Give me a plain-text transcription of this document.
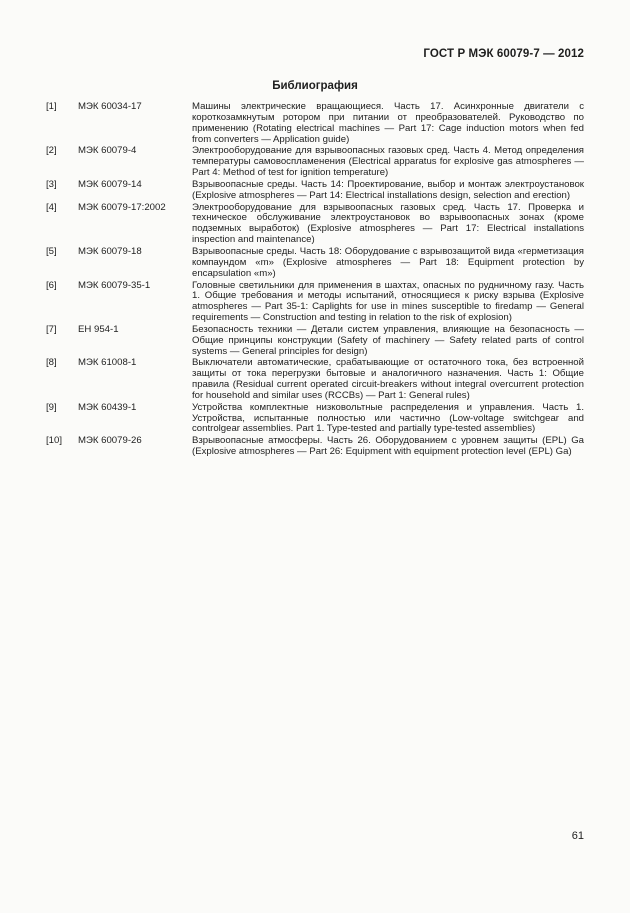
ГОСТ Р МЭК 60079-7 — 2012
Библиография
[1]	МЭК 60034-17	Машины электрические вращающиеся. Часть 17. Асинхронные двигатели с короткозамкнутым ротором при питании от преобразователей. Руководство по применению (Rotating electrical machines — Part 17: Cage induction motors when fed from converters — Application guide)
[2]	МЭК 60079-4	Электрооборудование для взрывоопасных газовых сред. Часть 4. Метод определения температуры самовоспламенения (Electrical apparatus for explosive gas atmospheres — Part 4: Method of test for ignition temperature)
[3]	МЭК 60079-14	Взрывоопасные среды. Часть 14: Проектирование, выбор и монтаж электроустановок (Explosive atmospheres — Part 14: Electrical installations design, selection and erection)
[4]	МЭК 60079-17:2002	Электрооборудование для взрывоопасных газовых сред. Часть 17. Проверка и техническое обслуживание электроустановок во взрывоопасных зонах (кроме подземных выработок) (Explosive atmospheres — Part 17: Electrical installations inspection and maintenance)
[5]	МЭК 60079-18	Взрывоопасные среды. Часть 18: Оборудование с взрывозащитой вида «герметизация компаундом «m» (Explosive atmospheres — Part 18: Equipment protection by encapsulation «m»)
[6]	МЭК 60079-35-1	Головные светильники для применения в шахтах, опасных по рудничному газу. Часть 1. Общие требования и методы испытаний, относящиеся к риску взрыва (Explosive atmospheres — Part 35-1: Caplights for use in mines susceptible to firedamp — General requirements — Construction and testing in relation to the risk of explosion)
[7]	ЕН 954-1	Безопасность техники — Детали систем управления, влияющие на безопасность — Общие принципы конструкции (Safety of machinery — Safety related parts of control systems — General principles for design)
[8]	МЭК 61008-1	Выключатели автоматические, срабатывающие от остаточного тока, без встроенной защиты от тока перегрузки бытовые и аналогичного назначения. Часть 1: Общие правила (Residual current operated circuit-breakers without integral overcurrent protection for household and similar uses (RCCBs) — Part 1: General rules)
[9]	МЭК 60439-1	Устройства комплектные низковольтные распределения и управления. Часть 1. Устройства, испытанные полностью или частично (Low-voltage switchgear and controlgear assemblies. Part 1. Type-tested and partially type-tested assemblies)
[10]	МЭК 60079-26	Взрывоопасные атмосферы. Часть 26. Оборудованием с уровнем защиты (EPL) Ga (Explosive atmospheres — Part 26: Equipment with equipment protection level (EPL) Ga)
61
